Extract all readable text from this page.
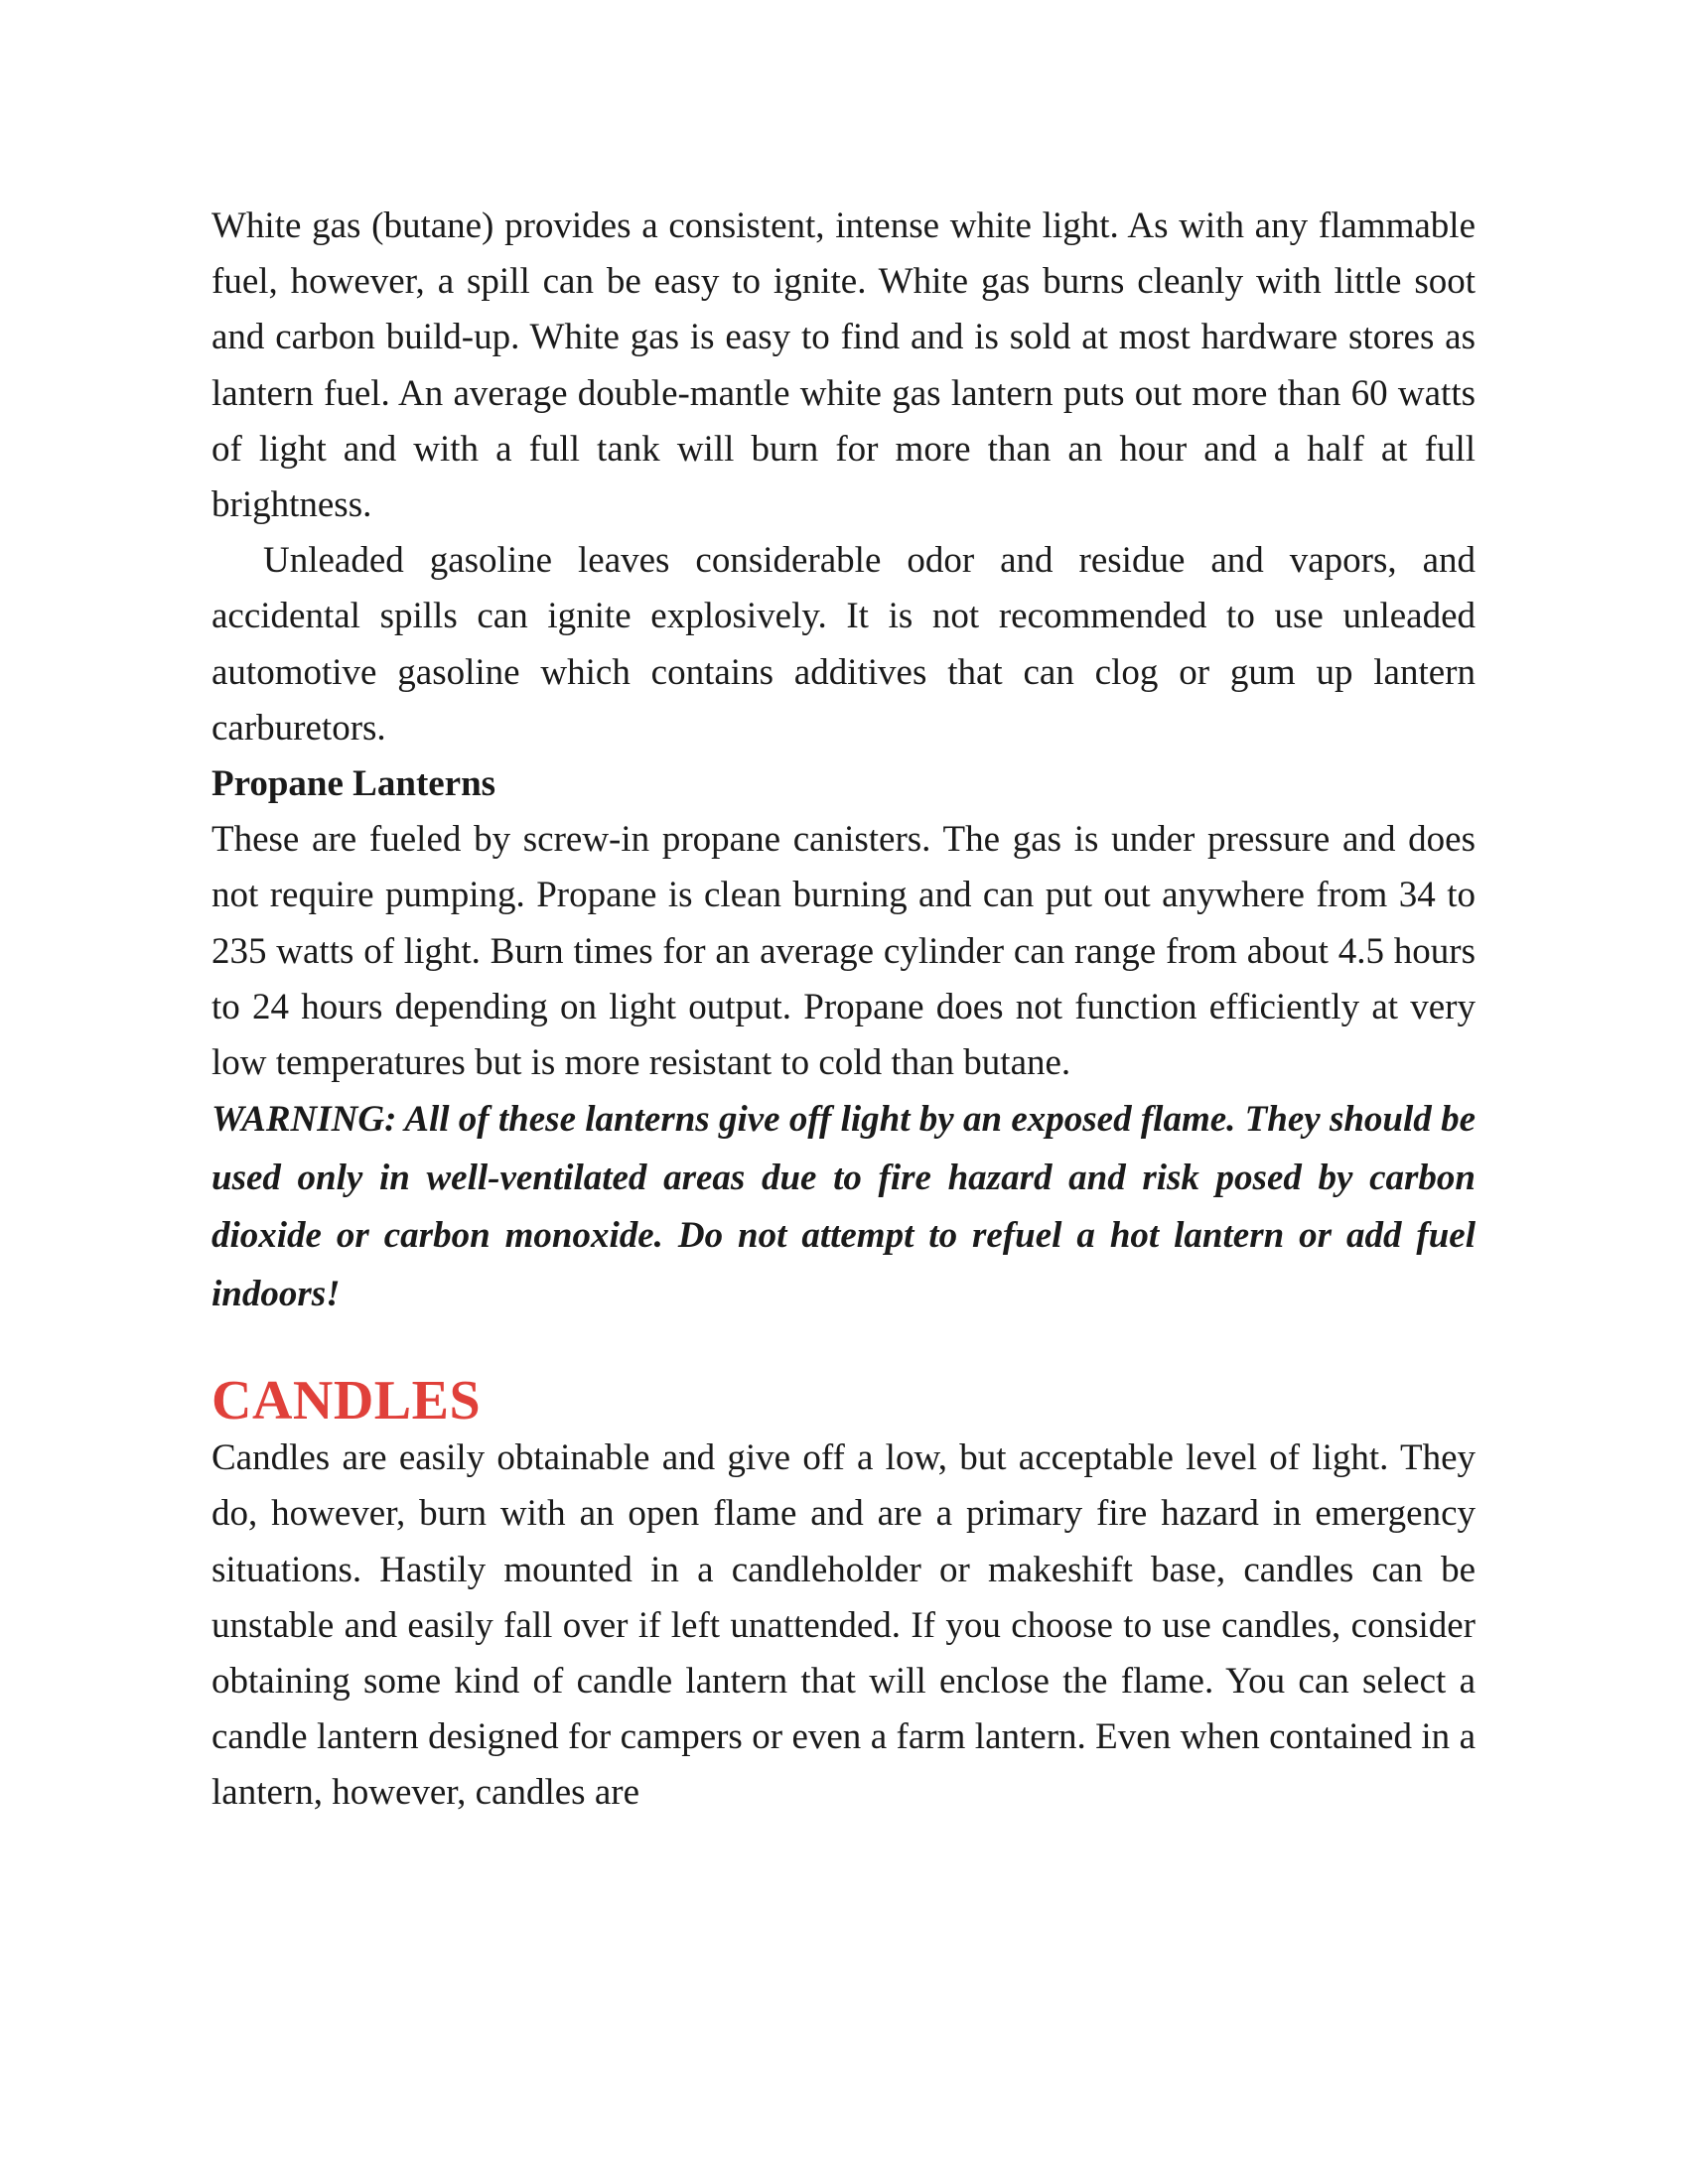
White gas (butane) provides a consistent, intense white light. As with any flammable fuel, however, a spill can be easy to ignite. White gas burns cleanly with little soot and carbon build-up. White gas is easy to find and is sold at most hardware stores as lantern fuel. An average double-mantle white gas lantern puts out more than 60 watts of light and with a full tank will burn for more than an hour and a half at full brightness.

Unleaded gasoline leaves considerable odor and residue and vapors, and accidental spills can ignite explosively. It is not recommended to use unleaded automotive gasoline which contains additives that can clog or gum up lantern carburetors.

Propane Lanterns

These are fueled by screw-in propane canisters. The gas is under pressure and does not require pumping. Propane is clean burning and can put out anywhere from 34 to 235 watts of light. Burn times for an average cylinder can range from about 4.5 hours to 24 hours depending on light output. Propane does not function efficiently at very low temperatures but is more resistant to cold than butane.

WARNING: All of these lanterns give off light by an exposed flame. They should be used only in well-ventilated areas due to fire hazard and risk posed by carbon dioxide or carbon monoxide. Do not attempt to refuel a hot lantern or add fuel indoors!

CANDLES

Candles are easily obtainable and give off a low, but acceptable level of light. They do, however, burn with an open flame and are a primary fire hazard in emergency situations. Hastily mounted in a candleholder or makeshift base, candles can be unstable and easily fall over if left unattended. If you choose to use candles, consider obtaining some kind of candle lantern that will enclose the flame. You can select a candle lantern designed for campers or even a farm lantern. Even when contained in a lantern, however, candles are
